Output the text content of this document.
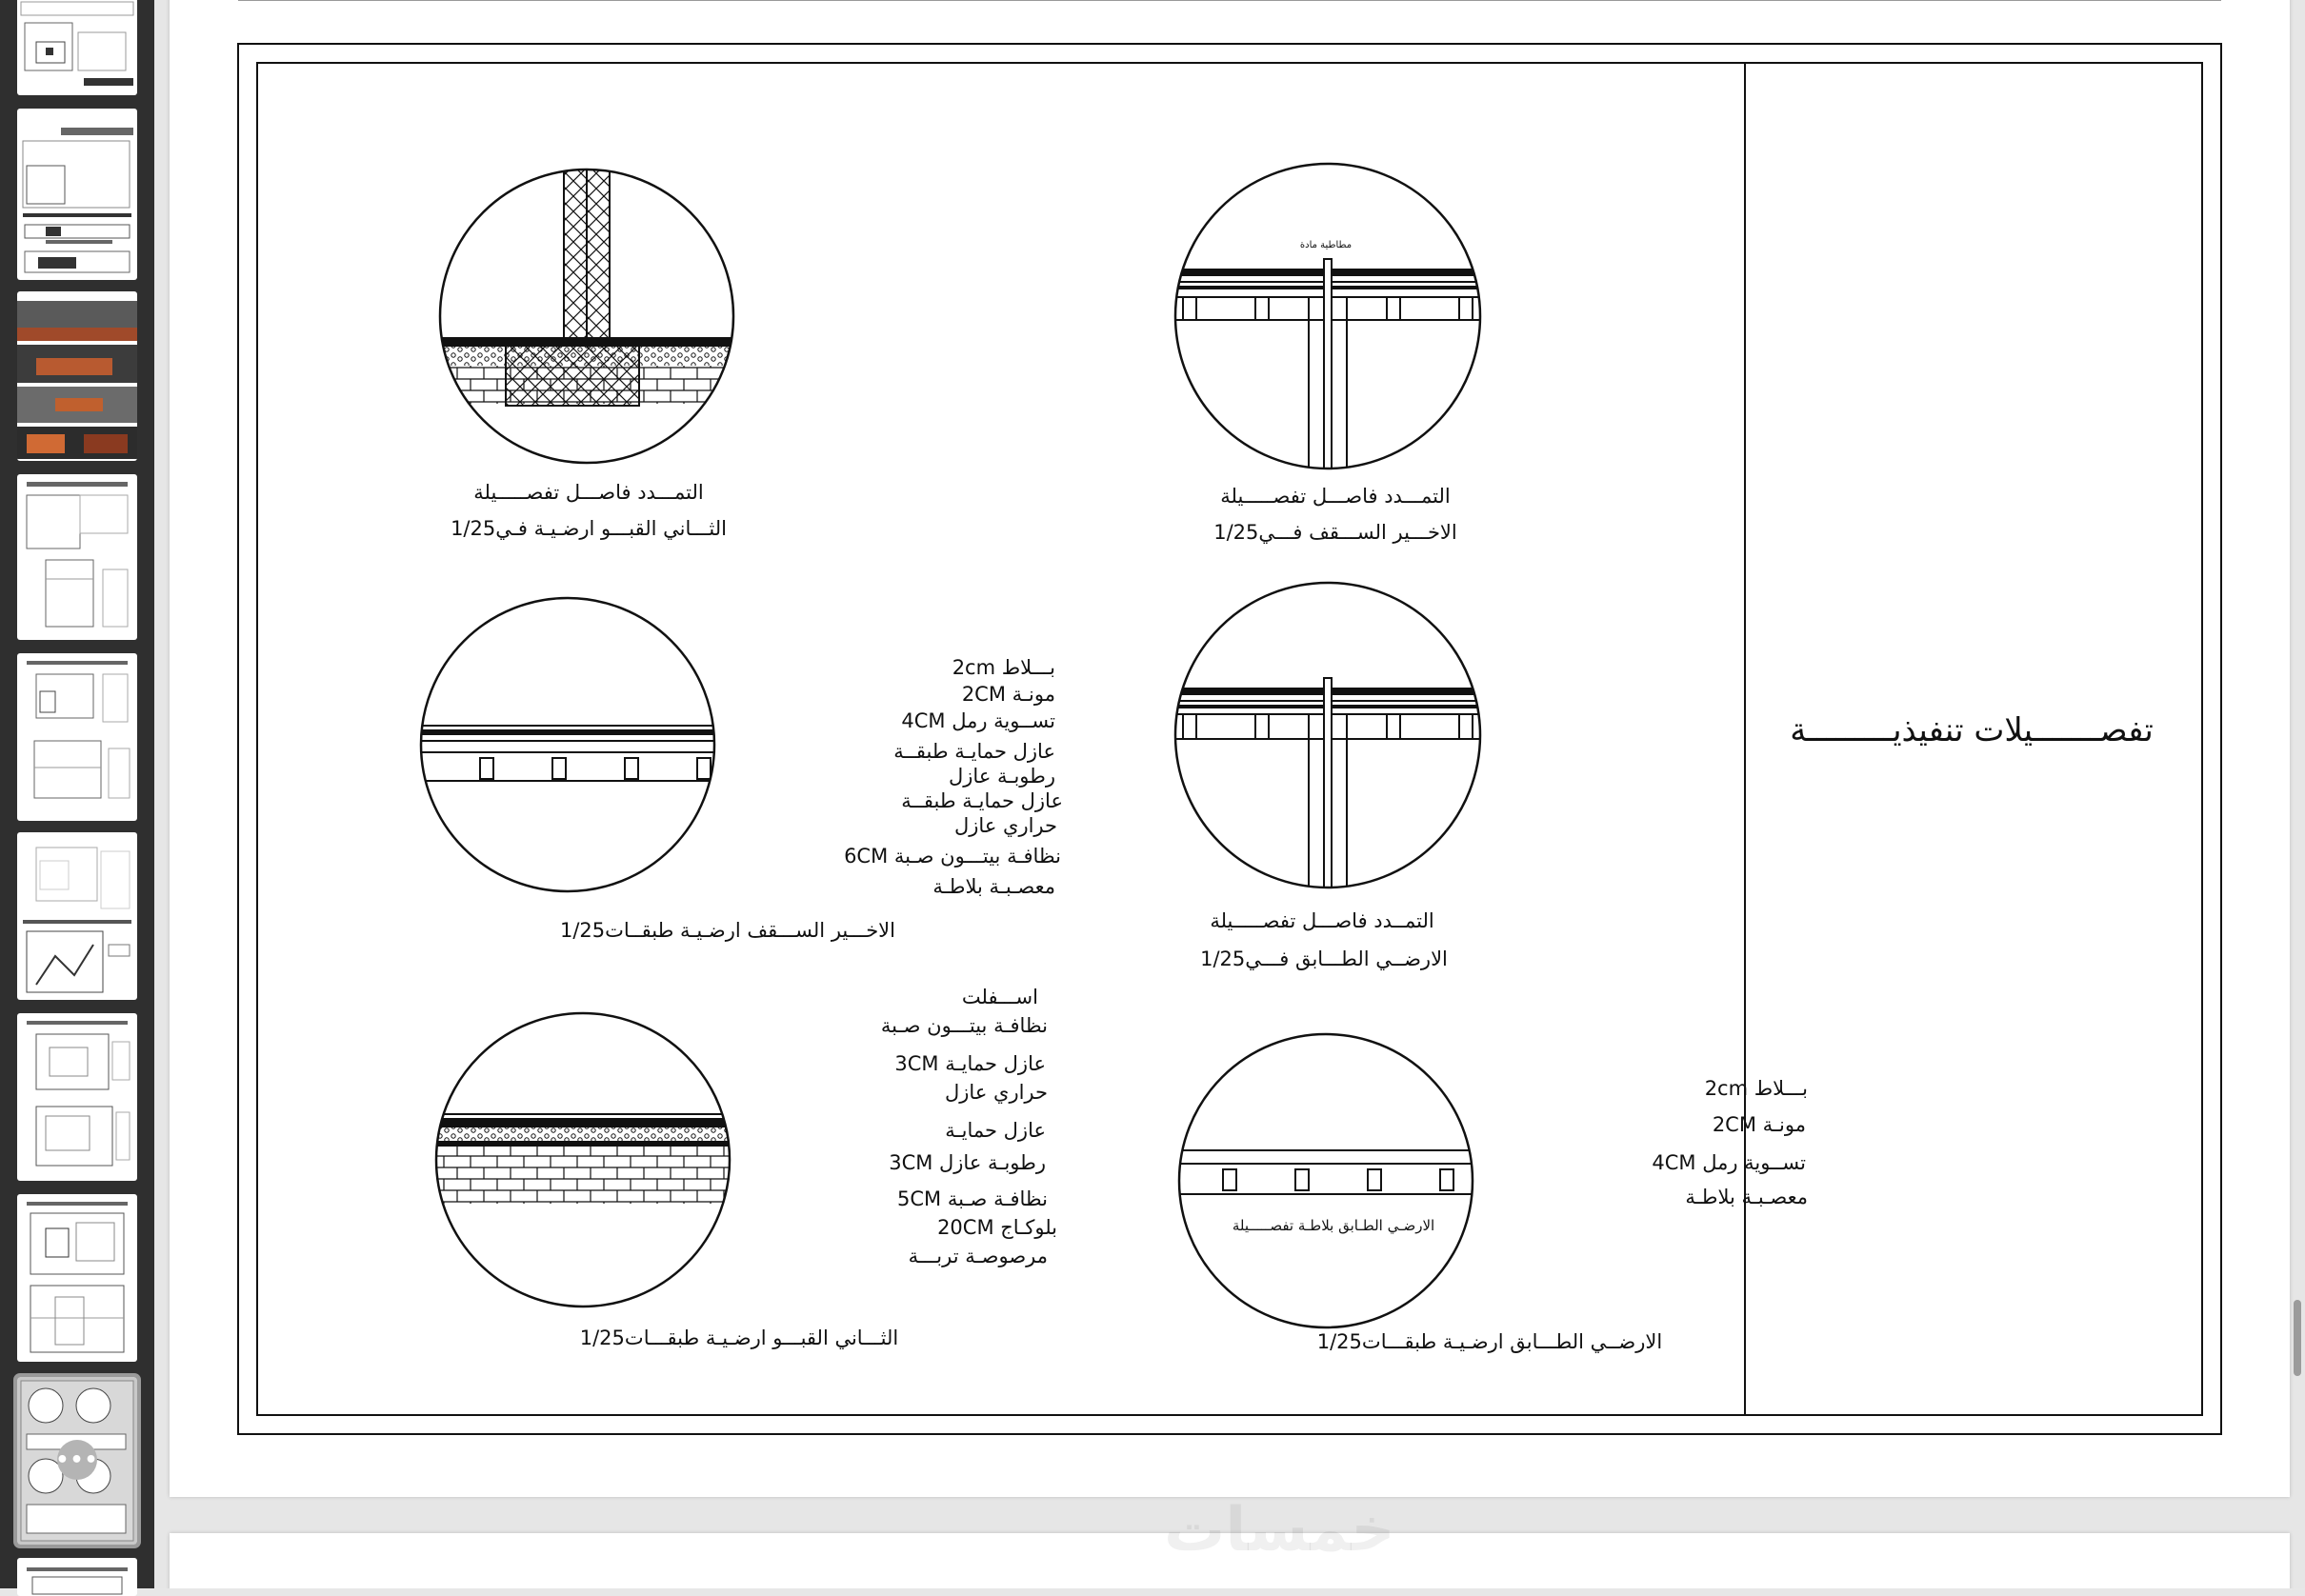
•••
تفصـــــــيلات تنفيذيـــــــــة
التمـــدد فاصـــل تفصـــــيلة
الثـــاني القبـــو ارضـيـة فـي1/25
مطاطية مادة
التمـــدد فاصـــل تفصـــــيلة
الاخـــير الســـقف فـــي1/25
2cm بـــلاط
2CM مونـة
4CM تســوية رمل
عازل حمايـة طبقــة
رطوبـة عازل
عازل حمايـة طبقــة
حراري عازل
6CM نظافـة بيتـــون صـبة
معصـبـة بلاطـة
الاخـــير الســـقف ارضـيـة طبقــات1/25	التمــدد فاصـــل تفصـــــيلة
الارضــي الطـــابق فـــي1/25
اســـفلت
نظافـة بيتـــون صـبة
3CM عازل حمايـة
حراري عازل
عازل حمايـة
3CM رطوبـة عازل
5CM نظافـة صـبة
20CM بلوكـاج
مرصوصـة تربـــة
الثـــاني القبـــو ارضـيـة طبقـــات1/25
الارضـي الطـابق بلاطـة تفصـــــيلة
2cm بـــلاط
2CM مونـة
4CM تســوية رمل
معصـبـة بلاطـة
الارضــي الطـــابق ارضـيـة طبقـــات1/25
خمسات
